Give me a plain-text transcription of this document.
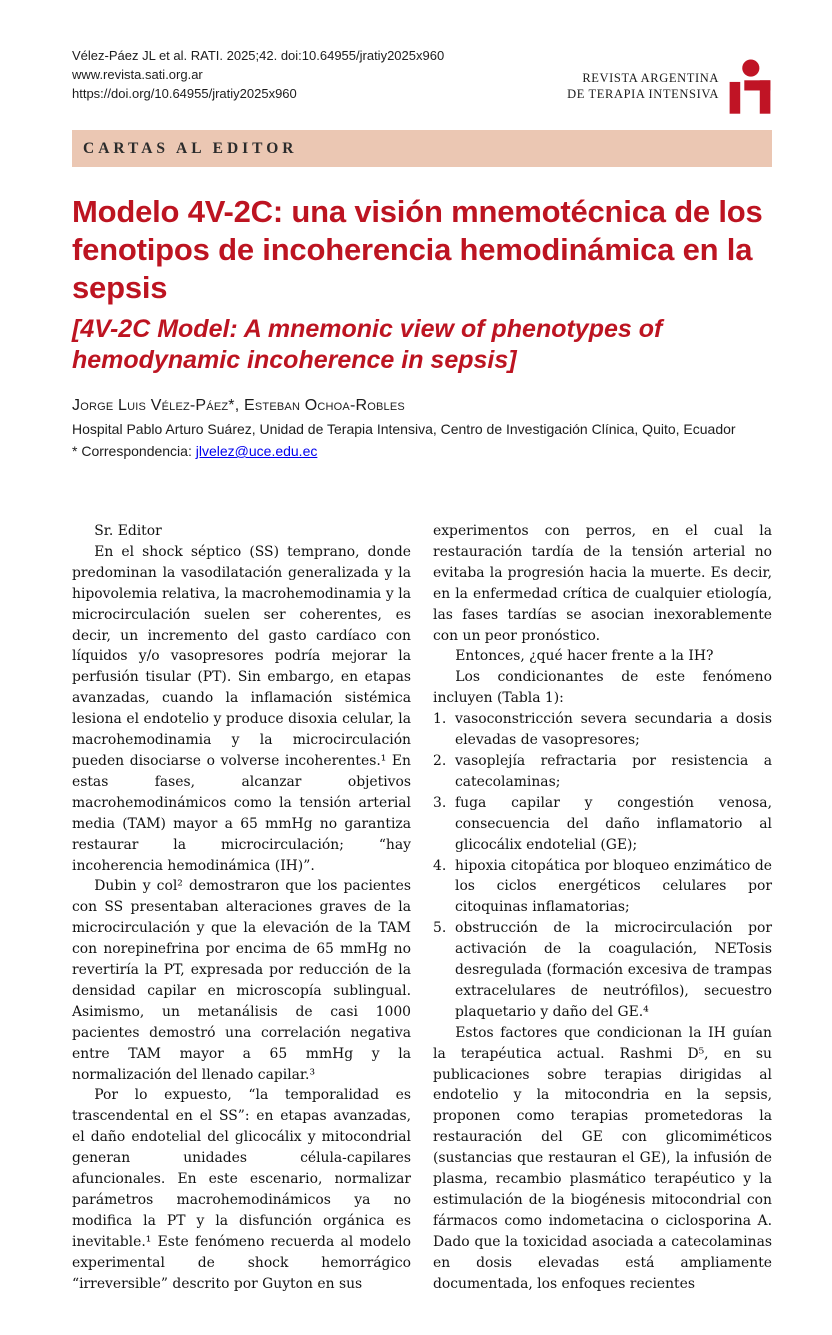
Vélez-Páez JL et al. RATI. 2025;42. doi:10.64955/jratiy2025x960
www.revista.sati.org.ar
https://doi.org/10.64955/jratiy2025x960
REVISTA ARGENTINA
DE TERAPIA INTENSIVA
CARTAS AL EDITOR
Modelo 4V-2C: una visión mnemotécnica de los fenotipos de incoherencia hemodinámica en la sepsis
[4V-2C Model: A mnemonic view of phenotypes of hemodynamic incoherence in sepsis]
Jorge Luis Vélez-Páez*, Esteban Ochoa-Robles
Hospital Pablo Arturo Suárez, Unidad de Terapia Intensiva, Centro de Investigación Clínica, Quito, Ecuador
* Correspondencia: jlvelez@uce.edu.ec

Sr. Editor

En el shock séptico (SS) temprano, donde predominan la vasodilatación generalizada y la hipovolemia relativa, la macrohemodinamia y la microcirculación suelen ser coherentes, es decir, un incremento del gasto cardíaco con líquidos y/o vasopresores podría mejorar la perfusión tisular (PT). Sin embargo, en etapas avanzadas, cuando la inflamación sistémica lesiona el endotelio y produce disoxia celular, la macrohemodinamia y la microcirculación pueden disociarse o volverse incoherentes.¹ En estas fases, alcanzar objetivos macrohemodinámicos como la tensión arterial media (TAM) mayor a 65 mmHg no garantiza restaurar la microcirculación; “hay incoherencia hemodinámica (IH)”.

Dubin y col² demostraron que los pacientes con SS presentaban alteraciones graves de la microcirculación y que la elevación de la TAM con norepinefrina por encima de 65 mmHg no revertiría la PT, expresada por reducción de la densidad capilar en microscopía sublingual. Asimismo, un metanálisis de casi 1000 pacientes demostró una correlación negativa entre TAM mayor a 65 mmHg y la normalización del llenado capilar.³

Por lo expuesto, “la temporalidad es trascendental en el SS”: en etapas avanzadas, el daño endotelial del glicocálix y mitocondrial generan unidades célula-capilares afuncionales. En este escenario, normalizar parámetros macrohemodinámicos ya no modifica la PT y la disfunción orgánica es inevitable.¹ Este fenómeno recuerda al modelo experimental de shock hemorrágico “irreversible” descrito por Guyton en sus

experimentos con perros, en el cual la restauración tardía de la tensión arterial no evitaba la progresión hacia la muerte. Es decir, en la enfermedad crítica de cualquier etiología, las fases tardías se asocian inexorablemente con un peor pronóstico.

Entonces, ¿qué hacer frente a la IH?

Los condicionantes de este fenómeno incluyen (Tabla 1):

1. vasoconstricción severa secundaria a dosis elevadas de vasopresores;
2. vasoplejía refractaria por resistencia a catecolaminas;
3. fuga capilar y congestión venosa, consecuencia del daño inflamatorio al glicocálix endotelial (GE);
4. hipoxia citopática por bloqueo enzimático de los ciclos energéticos celulares por citoquinas inflamatorias;
5. obstrucción de la microcirculación por activación de la coagulación, NETosis desregulada (formación excesiva de trampas extracelulares de neutrófilos), secuestro plaquetario y daño del GE.⁴

Estos factores que condicionan la IH guían la terapéutica actual. Rashmi D⁵, en su publicaciones sobre terapias dirigidas al endotelio y la mitocondria en la sepsis, proponen como terapias prometedoras la restauración del GE con glicomiméticos (sustancias que restauran el GE), la infusión de plasma, recambio plasmático terapéutico y la estimulación de la biogénesis mitocondrial con fármacos como indometacina o ciclosporina A. Dado que la toxicidad asociada a catecolaminas en dosis elevadas está ampliamente documentada, los enfoques recientes
